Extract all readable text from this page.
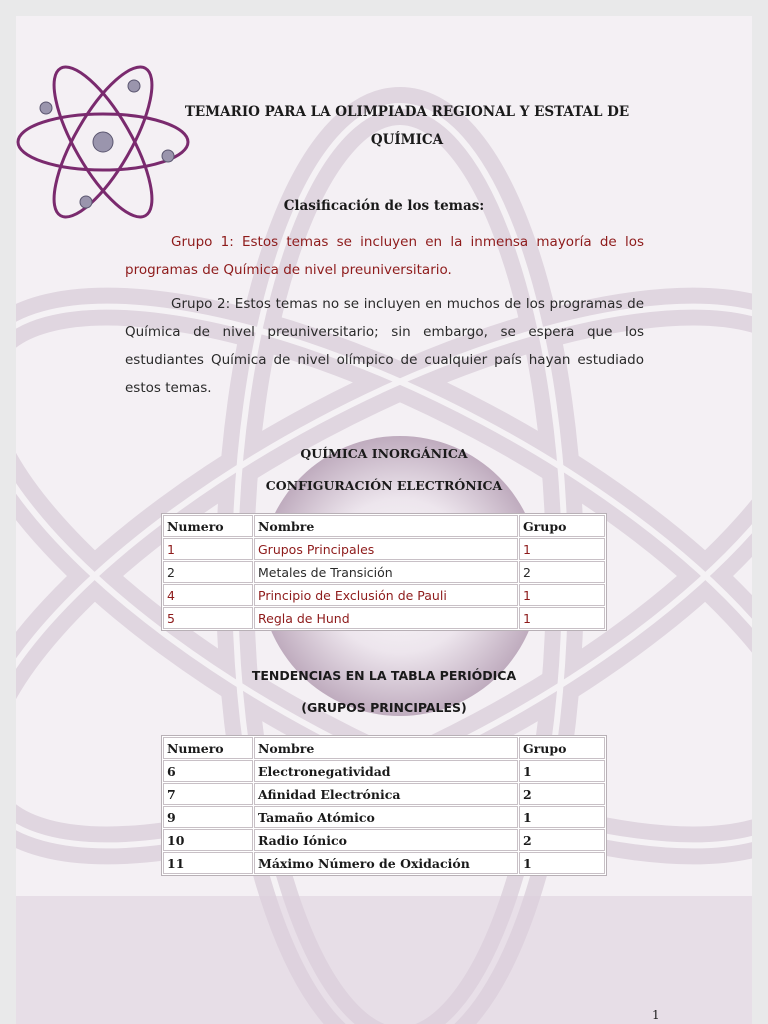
TEMARIO PARA LA OLIMPIADA REGIONAL Y ESTATAL DE QUÍMICA
Clasificación de los temas:

Grupo 1: Estos temas se incluyen en la inmensa mayoría de los programas de Química de nivel preuniversitario.

Grupo 2: Estos temas no se incluyen en muchos de los programas de Química de nivel preuniversitario; sin embargo, se espera que los estudiantes Química de nivel olímpico de cualquier país hayan estudiado estos temas.

QUÍMICA INORGÁNICA
CONFIGURACIÓN ELECTRÓNICA
Numero	Nombre	Grupo
1	Grupos Principales	1
2	Metales de Transición	2
4	Principio de Exclusión de Pauli	1
5	Regla de Hund	1
TENDENCIAS EN LA TABLA PERIÓDICA
(GRUPOS PRINCIPALES)
Numero	Nombre	Grupo
6	Electronegatividad	1
7	Afinidad Electrónica	2
9	Tamaño Atómico	1
10	Radio Iónico	2
11	Máximo Número de Oxidación	1
1
